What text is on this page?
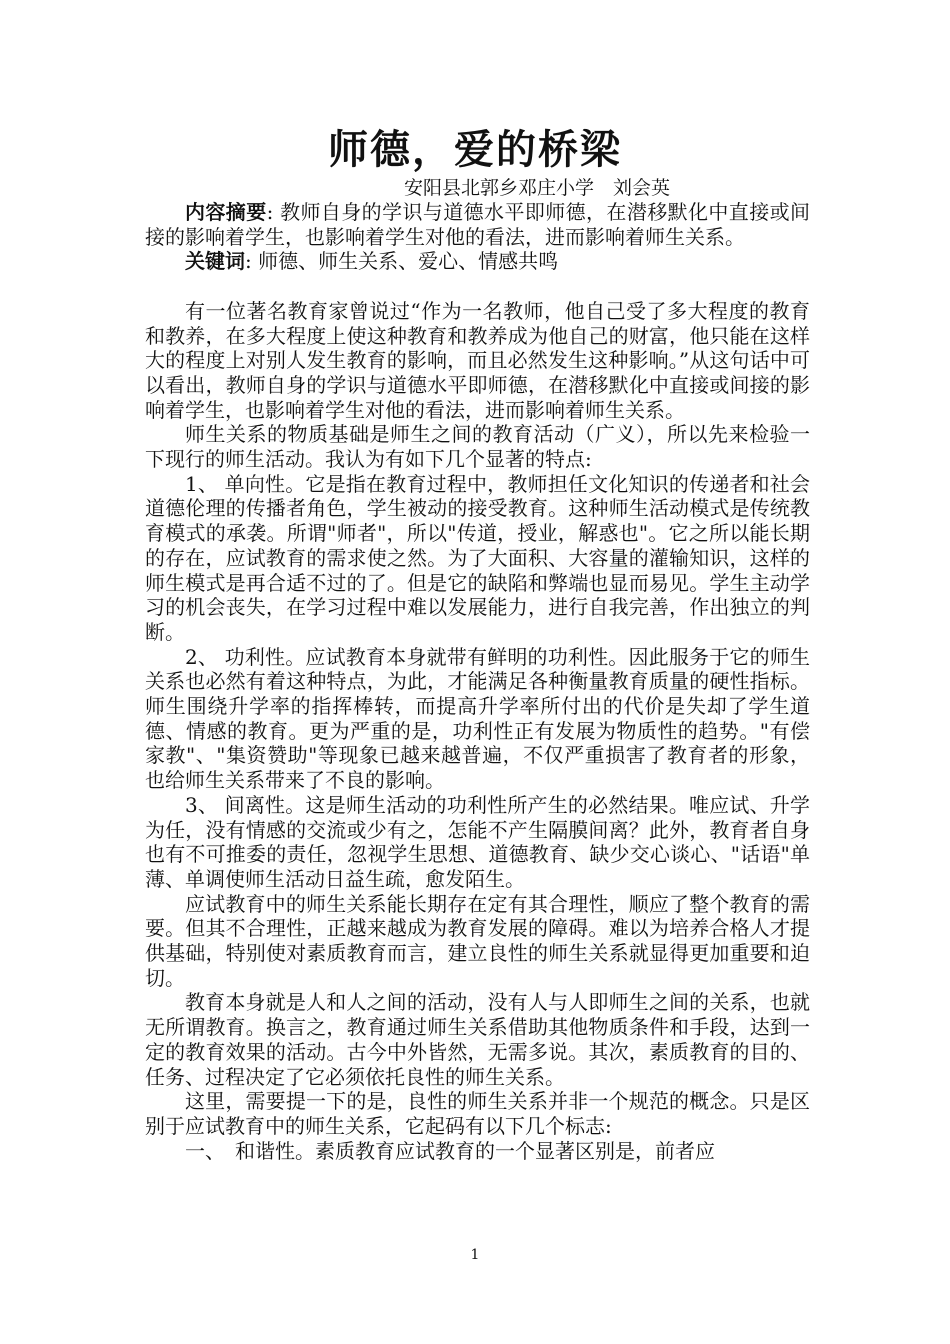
师德，爱的桥梁
安阳县北郭乡邓庄小学　刘会英

内容摘要: 教师自身的学识与道德水平即师德，在潜移默化中直接或间接的影响着学生，也影响着学生对他的看法，进而影响着师生关系。

关键词: 师德、师生关系、爱心、情感共鸣

有一位著名教育家曾说过“作为一名教师，他自己受了多大程度的教育和教养，在多大程度上使这种教育和教养成为他自己的财富，他只能在这样大的程度上对别人发生教育的影响，而且必然发生这种影响。”从这句话中可以看出，教师自身的学识与道德水平即师德，在潜移默化中直接或间接的影响着学生，也影响着学生对他的看法，进而影响着师生关系。

师生关系的物质基础是师生之间的教育活动（广义），所以先来检验一下现行的师生活动。我认为有如下几个显著的特点:

1、 单向性。它是指在教育过程中，教师担任文化知识的传递者和社会道德伦理的传播者角色，学生被动的接受教育。这种师生活动模式是传统教育模式的承袭。所谓"师者"，所以"传道，授业，解惑也"。它之所以能长期的存在，应试教育的需求使之然。为了大面积、大容量的灌输知识，这样的师生模式是再合适不过的了。但是它的缺陷和弊端也显而易见。学生主动学习的机会丧失，在学习过程中难以发展能力，进行自我完善，作出独立的判断。

2、 功利性。应试教育本身就带有鲜明的功利性。因此服务于它的师生关系也必然有着这种特点，为此，才能满足各种衡量教育质量的硬性指标。师生围绕升学率的指挥棒转，而提高升学率所付出的代价是失却了学生道德、情感的教育。更为严重的是，功利性正有发展为物质性的趋势。"有偿家教"、"集资赞助"等现象已越来越普遍，不仅严重损害了教育者的形象，也给师生关系带来了不良的影响。

3、 间离性。这是师生活动的功利性所产生的必然结果。唯应试、升学为任，没有情感的交流或少有之，怎能不产生隔膜间离？此外，教育者自身也有不可推委的责任，忽视学生思想、道德教育、缺少交心谈心、"话语"单薄、单调使师生活动日益生疏，愈发陌生。

应试教育中的师生关系能长期存在定有其合理性，顺应了整个教育的需要。但其不合理性，正越来越成为教育发展的障碍。难以为培养合格人才提供基础，特别使对素质教育而言，建立良性的师生关系就显得更加重要和迫切。

教育本身就是人和人之间的活动，没有人与人即师生之间的关系，也就无所谓教育。换言之，教育通过师生关系借助其他物质条件和手段，达到一定的教育效果的活动。古今中外皆然，无需多说。其次，素质教育的目的、任务、过程决定了它必须依托良性的师生关系。

这里，需要提一下的是，良性的师生关系并非一个规范的概念。只是区别于应试教育中的师生关系，它起码有以下几个标志:

一、　和谐性。素质教育应试教育的一个显著区别是，前者应

1
